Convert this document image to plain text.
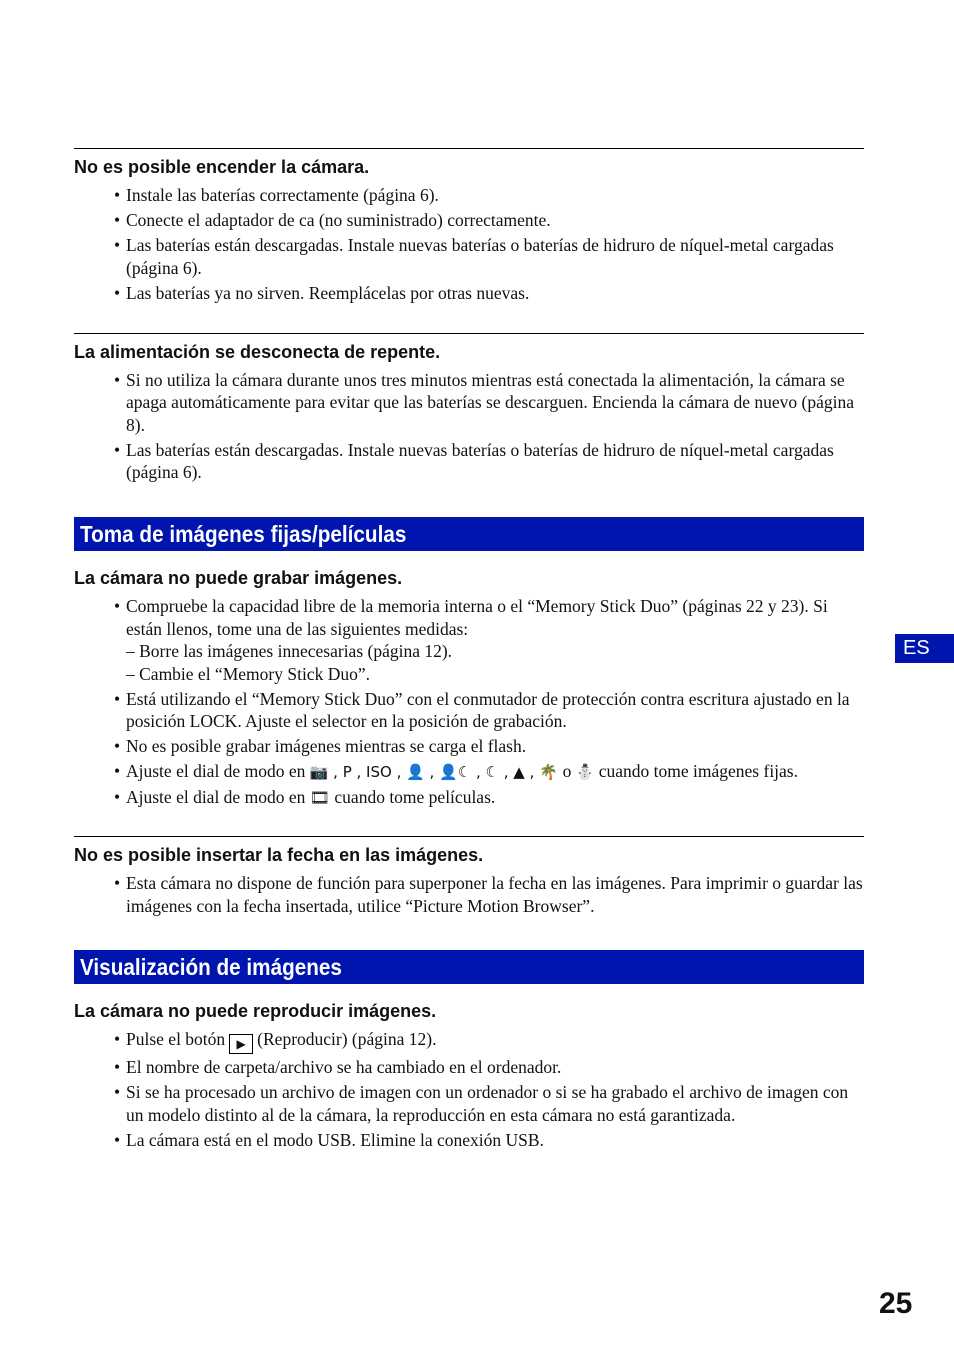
No es posible encender la cámara.
• Instale las baterías correctamente (página 6).
• Conecte el adaptador de ca (no suministrado) correctamente.
• Las baterías están descargadas. Instale nuevas baterías o baterías de hidruro de níquel-metal cargadas (página 6).
• Las baterías ya no sirven. Reemplácelas por otras nuevas.
La alimentación se desconecta de repente.
• Si no utiliza la cámara durante unos tres minutos mientras está conectada la alimentación, la cámara se apaga automáticamente para evitar que las baterías se descarguen. Encienda la cámara de nuevo (página 8).
• Las baterías están descargadas. Instale nuevas baterías o baterías de hidruro de níquel-metal cargadas (página 6).
Toma de imágenes fijas/películas
La cámara no puede grabar imágenes.
• Compruebe la capacidad libre de la memoria interna o el “Memory Stick Duo” (páginas 22 y 23). Si están llenos, tome una de las siguientes medidas:
– Borre las imágenes innecesarias (página 12).
– Cambie el “Memory Stick Duo”.
• Está utilizando el “Memory Stick Duo” con el conmutador de protección contra escritura ajustado en la posición LOCK. Ajuste el selector en la posición de grabación.
• No es posible grabar imágenes mientras se carga el flash.
• Ajuste el dial de modo en 📷 , P , ISO , 👤 , 👤☾ , ☾ , ▲ , 🌴 o ⛄ cuando tome imágenes fijas.
• Ajuste el dial de modo en 🎞 cuando tome películas.
No es posible insertar la fecha en las imágenes.
• Esta cámara no dispone de función para superponer la fecha en las imágenes. Para imprimir o guardar las imágenes con la fecha insertada, utilice “Picture Motion Browser”.
Visualización de imágenes
La cámara no puede reproducir imágenes.
• Pulse el botón ▶ (Reproducir) (página 12).
• El nombre de carpeta/archivo se ha cambiado en el ordenador.
• Si se ha procesado un archivo de imagen con un ordenador o si se ha grabado el archivo de imagen con un modelo distinto al de la cámara, la reproducción en esta cámara no está garantizada.
• La cámara está en el modo USB. Elimine la conexión USB.
ES
25
